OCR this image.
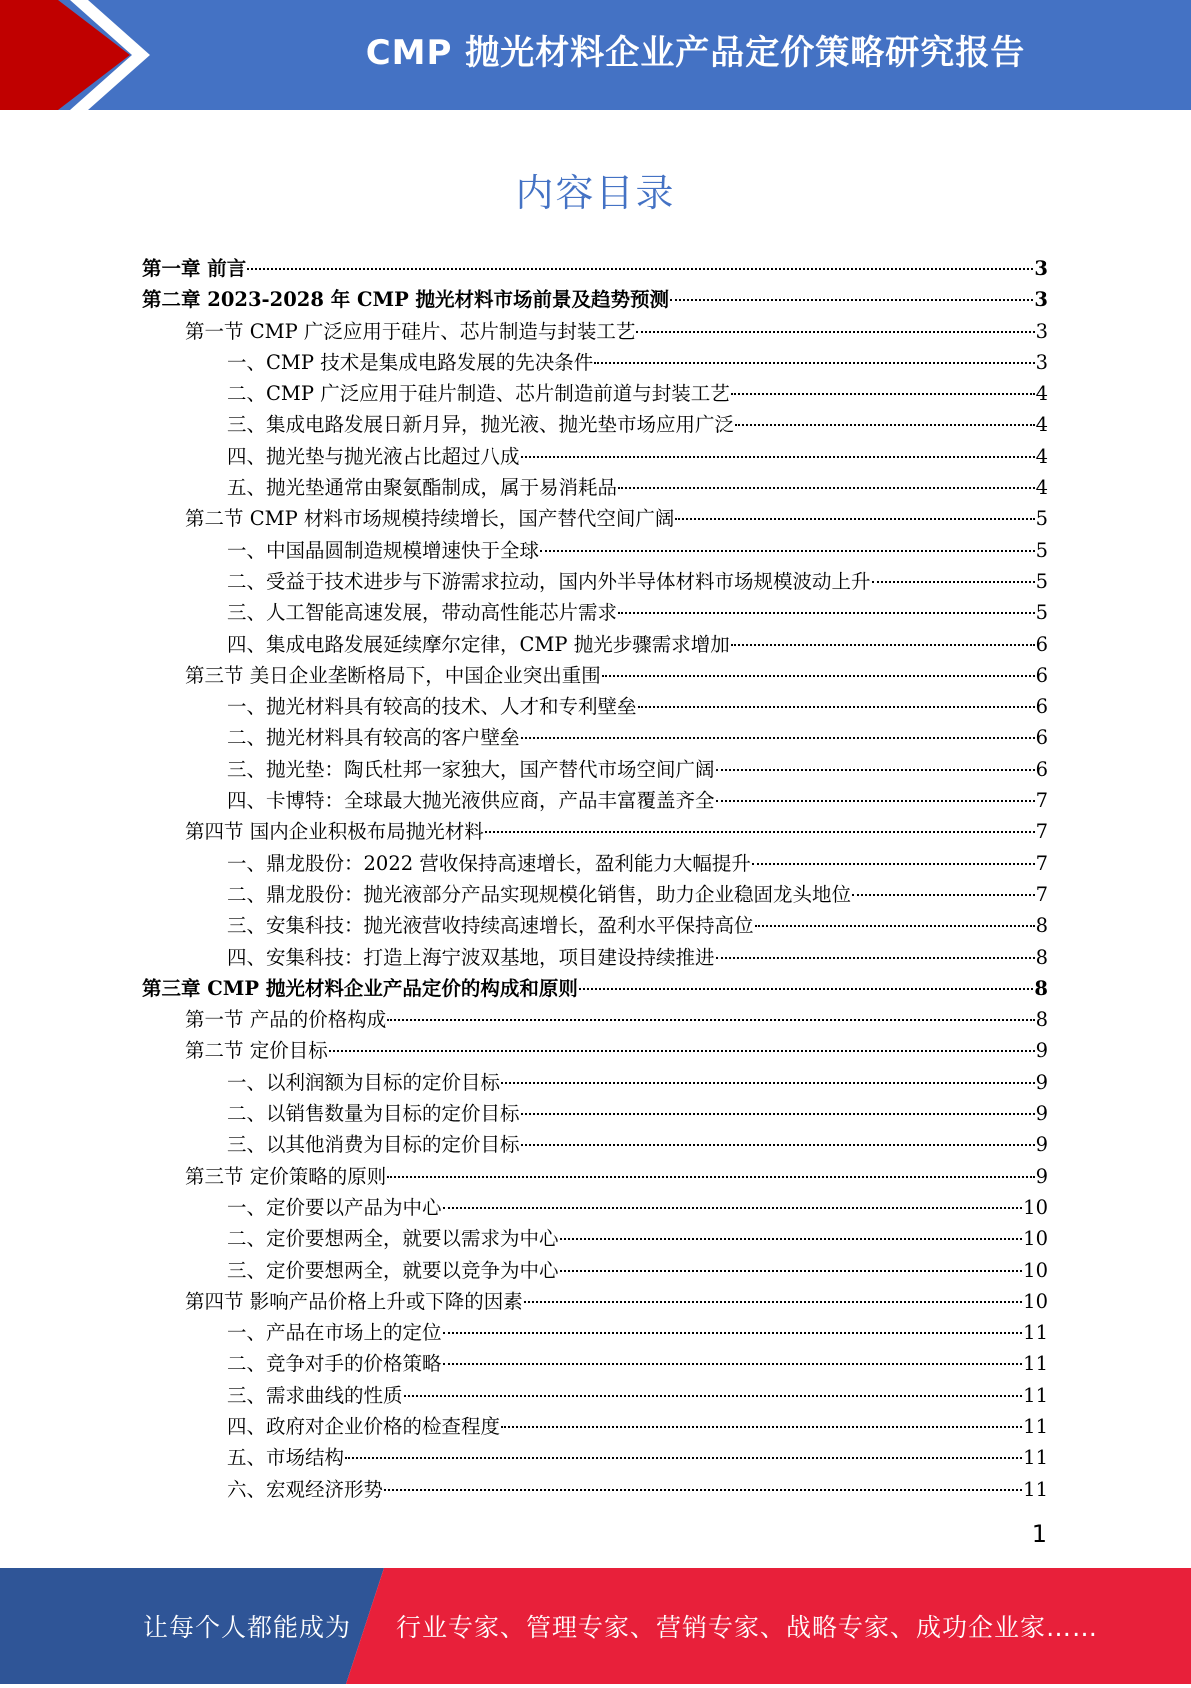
CMP 抛光材料企业产品定价策略研究报告
内容目录
第一章 前言	3
第二章 2023-2028 年 CMP 抛光材料市场前景及趋势预测	3
第一节 CMP 广泛应用于硅片、芯片制造与封装工艺	3
一、CMP 技术是集成电路发展的先决条件	3
二、CMP 广泛应用于硅片制造、芯片制造前道与封装工艺	4
三、集成电路发展日新月异，抛光液、抛光垫市场应用广泛	4
四、抛光垫与抛光液占比超过八成	4
五、抛光垫通常由聚氨酯制成，属于易消耗品	4
第二节 CMP 材料市场规模持续增长，国产替代空间广阔	5
一、中国晶圆制造规模增速快于全球	5
二、受益于技术进步与下游需求拉动，国内外半导体材料市场规模波动上升	5
三、人工智能高速发展，带动高性能芯片需求	5
四、集成电路发展延续摩尔定律，CMP 抛光步骤需求增加	6
第三节 美日企业垄断格局下，中国企业突出重围	6
一、抛光材料具有较高的技术、人才和专利壁垒	6
二、抛光材料具有较高的客户壁垒	6
三、抛光垫：陶氏杜邦一家独大，国产替代市场空间广阔	6
四、卡博特：全球最大抛光液供应商，产品丰富覆盖齐全	7
第四节 国内企业积极布局抛光材料	7
一、鼎龙股份：2022 营收保持高速增长，盈利能力大幅提升	7
二、鼎龙股份：抛光液部分产品实现规模化销售，助力企业稳固龙头地位	7
三、安集科技：抛光液营收持续高速增长，盈利水平保持高位	8
四、安集科技：打造上海宁波双基地，项目建设持续推进	8
第三章 CMP 抛光材料企业产品定价的构成和原则	8
第一节 产品的价格构成	8
第二节 定价目标	9
一、以利润额为目标的定价目标	9
二、以销售数量为目标的定价目标	9
三、以其他消费为目标的定价目标	9
第三节 定价策略的原则	9
一、定价要以产品为中心	10
二、定价要想两全，就要以需求为中心	10
三、定价要想两全，就要以竞争为中心	10
第四节 影响产品价格上升或下降的因素	10
一、产品在市场上的定位	11
二、竞争对手的价格策略	11
三、需求曲线的性质	11
四、政府对企业价格的检查程度	11
五、市场结构	11
六、宏观经济形势	11
1
让每个人都能成为 行业专家、管理专家、营销专家、战略专家、成功企业家……
